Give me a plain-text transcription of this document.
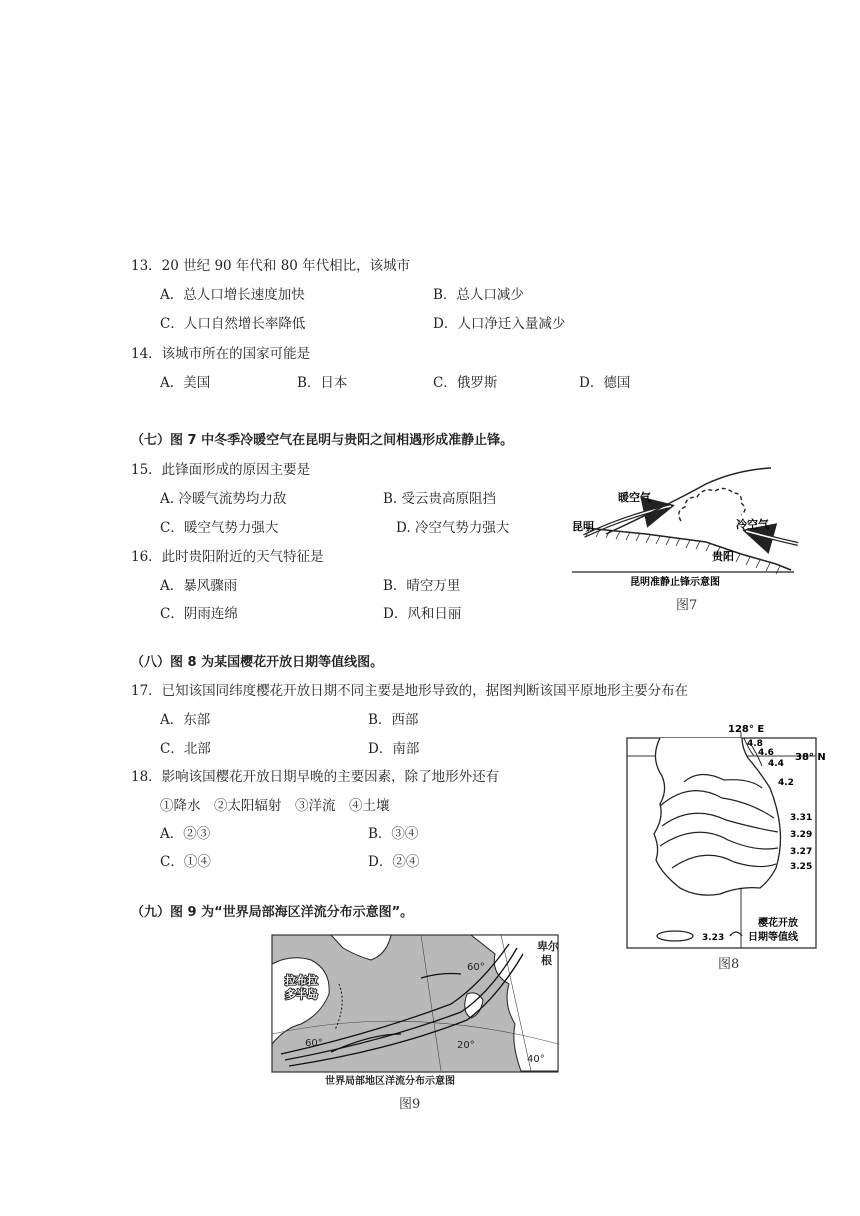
13．20 世纪 90 年代和 80 年代相比，该城市
A．总人口增长速度加快	B．总人口减少
C．人口自然增长率降低	D．人口净迁入量减少
14．该城市所在的国家可能是
A．美国	B．日本	C．俄罗斯	D．德国
（七）图 7 中冬季冷暖空气在昆明与贵阳之间相遇形成准静止锋。
15．此锋面形成的原因主要是
A. 冷暖气流势均力敌	B. 受云贵高原阻挡
C．暖空气势力强大	D. 冷空气势力强大
16．此时贵阳附近的天气特征是
A．暴风骤雨	B．晴空万里
C．阴雨连绵	D．风和日丽
暖空气
冷空气
昆明
贵阳
昆明准静止锋示意图
图7
（八）图 8 为某国樱花开放日期等值线图。
17．已知该国同纬度樱花开放日期不同主要是地形导致的，据图判断该国平原地形主要分布在
A．东部	B．西部
C．北部	D．南部
18．影响该国樱花开放日期早晚的主要因素，除了地形外还有
①降水　②太阳辐射　③洋流　④土壤
A．②③	B．③④
C．①④	D．②④
128° E
38° N
4.8
4.6
4.4
4.2
3.31
3.29
3.27
3.25
3.23
樱花开放
日期等值线
图8
（九）图 9 为“世界局部海区洋流分布示意图”。
拉布拉
多半岛
卑尔
根
60°
60°	20°
40°
世界局部地区洋流分布示意图
图9
